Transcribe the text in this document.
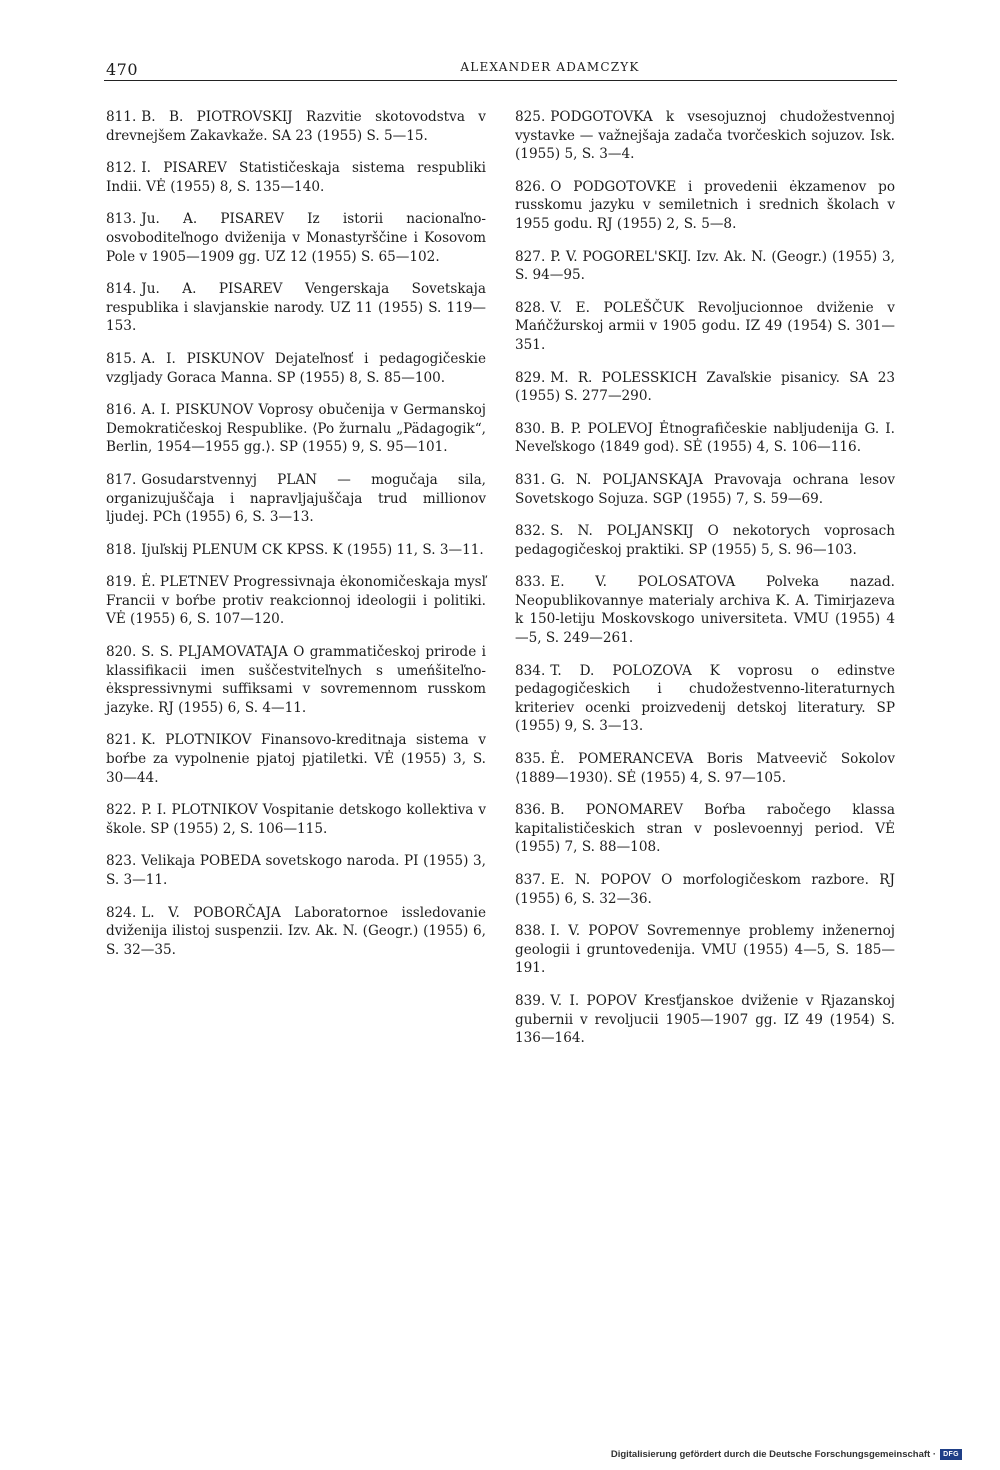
470	ALEXANDER ADAMCZYK

811. B. B. PIOTROVSKIJ Razvitie skotovodstva v drevnejšem Zakavkaže. SA 23 (1955) S. 5—15.

812. I. PISAREV Statističeskaja sistema respubliki Indii. VĖ (1955) 8, S. 135—140.

813. Ju. A. PISAREV Iz istorii nacionaľno-osvoboditeľnogo dviženija v Monastyrščine i Kosovom Pole v 1905—1909 gg. UZ 12 (1955) S. 65—102.

814. Ju. A. PISAREV Vengerskaja Sovetskaja respublika i slavjanskie narody. UZ 11 (1955) S. 119—153.

815. A. I. PISKUNOV Dejateľnosť i pedagogičeskie vzgljady Goraca Manna. SP (1955) 8, S. 85—100.

816. A. I. PISKUNOV Voprosy obučenija v Germanskoj Demokratičeskoj Respublike. ⟨Po žurnalu „Pädagogik“, Berlin, 1954—1955 gg.⟩. SP (1955) 9, S. 95—101.

817. Gosudarstvennyj PLAN — mogučaja sila, organizujuščaja i napravljajuščaja trud millionov ljudej. PCh (1955) 6, S. 3—13.

818. Ijuľskij PLENUM CK KPSS. K (1955) 11, S. 3—11.

819. Ė. PLETNEV Progressivnaja ėkonomičeskaja mysľ Francii v boŕbe protiv reakcionnoj ideologii i politiki. VĖ (1955) 6, S. 107—120.

820. S. S. PLJAMOVATAJA O grammatičeskoj prirode i klassifikacii imen suščestviteľnych s umeńšiteľno-ėkspressivnymi suffiksami v sovremennom russkom jazyke. RJ (1955) 6, S. 4—11.

821. K. PLOTNIKOV Finansovo-kreditnaja sistema v boŕbe za vypolnenie pjatoj pjatiletki. VĖ (1955) 3, S. 30—44.

822. P. I. PLOTNIKOV Vospitanie detskogo kollektiva v škole. SP (1955) 2, S. 106—115.

823. Velikaja POBEDA sovetskogo naroda. PI (1955) 3, S. 3—11.

824. L. V. POBORČAJA Laboratornoe issledovanie dviženija ilistoj suspenzii. Izv. Ak. N. (Geogr.) (1955) 6, S. 32—35.

825. PODGOTOVKA k vsesojuznoj chudožestvennoj vystavke — važnejšaja zadača tvorčeskich sojuzov. Isk. (1955) 5, S. 3—4.

826. O PODGOTOVKE i provedenii ėkzamenov po russkomu jazyku v semiletnich i srednich školach v 1955 godu. RJ (1955) 2, S. 5—8.

827. P. V. POGOREL'SKIJ. Izv. Ak. N. (Geogr.) (1955) 3, S. 94—95.

828. V. E. POLEŠČUK Revoljucionnoe dviženie v Mańčžurskoj armii v 1905 godu. IZ 49 (1954) S. 301—351.

829. M. R. POLESSKICH Zavaľskie pisanicy. SA 23 (1955) S. 277—290.

830. B. P. POLEVOJ Ėtnografičeskie nabljudenija G. I. Neveľskogo ⟨1849 god⟩. SĖ (1955) 4, S. 106—116.

831. G. N. POLJANSKAJA Pravovaja ochrana lesov Sovetskogo Sojuza. SGP (1955) 7, S. 59—69.

832. S. N. POLJANSKIJ O nekotorych voprosach pedagogičeskoj praktiki. SP (1955) 5, S. 96—103.

833. E. V. POLOSATOVA Polveka nazad. Neopublikovannye materialy archiva K. A. Timirjazeva k 150-letiju Moskovskogo universiteta. VMU (1955) 4—5, S. 249—261.

834. T. D. POLOZOVA K voprosu o edinstve pedagogičeskich i chudožestvenno-literaturnych kriteriev ocenki proizvedenij detskoj literatury. SP (1955) 9, S. 3—13.

835. Ė. POMERANCEVA Boris Matveevič Sokolov ⟨1889—1930⟩. SĖ (1955) 4, S. 97—105.

836. B. PONOMAREV Boŕba rabočego klassa kapitalističeskich stran v poslevoennyj period. VĖ (1955) 7, S. 88—108.

837. E. N. POPOV O morfologičeskom razbore. RJ (1955) 6, S. 32—36.

838. I. V. POPOV Sovremennye problemy inženernoj geologii i gruntovedenija. VMU (1955) 4—5, S. 185—191.

839. V. I. POPOV Kresťjanskoe dviženie v Rjazanskoj gubernii v revoljucii 1905—1907 gg. IZ 49 (1954) S. 136—164.

Digitalisierung gefördert durch die Deutsche Forschungsgemeinschaft ·	DFG
